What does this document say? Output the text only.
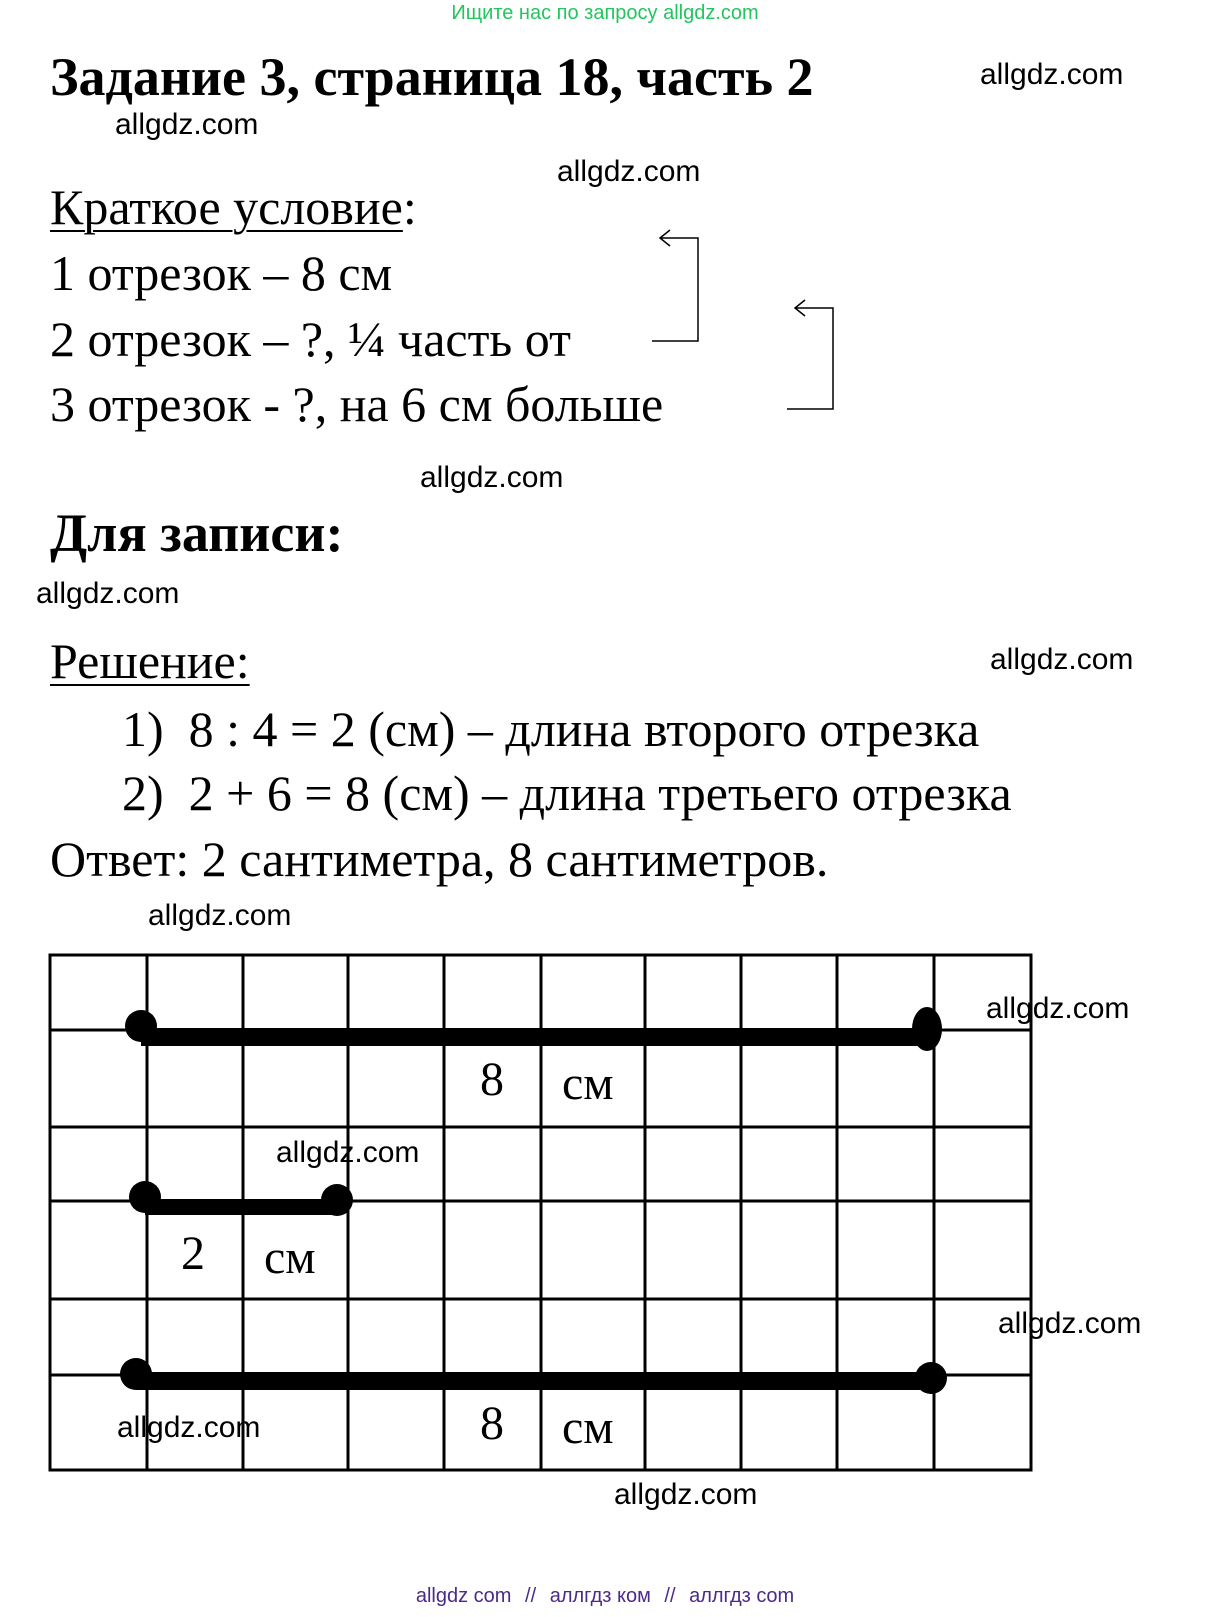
Ищите нас по запросу allgdz.com
Задание 3, страница 18, часть 2	allgdz.com
allgdz.com
allgdz.com
allgdz.com
allgdz.com
allgdz.com
allgdz.com
Краткое условие:
1 отрезок – 8 см
2 отрезок – ?, ¼ часть от
3 отрезок - ?, на 6 см больше
Для записи:
Решение:
1) 8 : 4 = 2 (см) – длина второго отрезка
2) 2 + 6 = 8 (см) – длина третьего отрезка
Ответ: 2 сантиметра, 8 сантиметров.
8 см
2 см
8 см
allgdz.com
allgdz.com
allgdz.com
allgdz.com
allgdz.com
allgdz com // аллгдз ком // аллгдз com
